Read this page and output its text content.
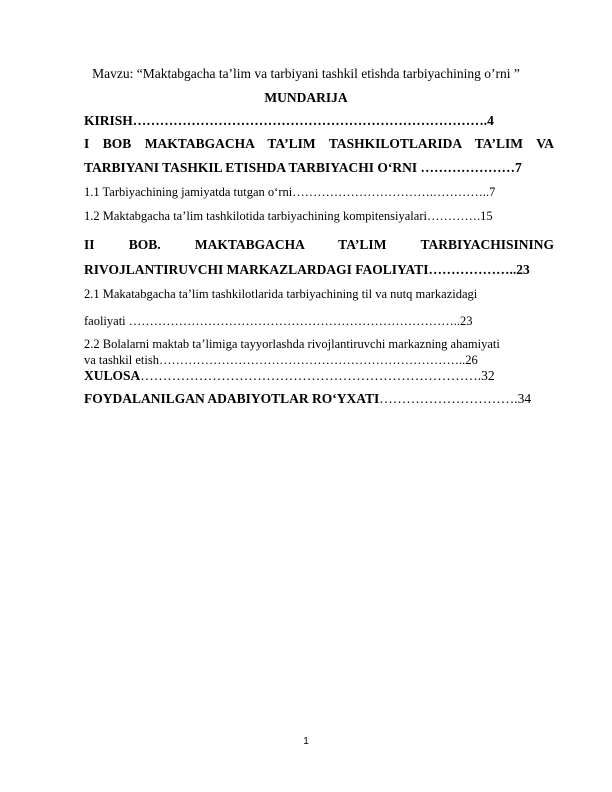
Mavzu: “Maktabgacha ta’lim va tarbiyani tashkil etishda tarbiyachining o’rni ”
MUNDARIJA
KIRISH…………………………………………………………………….4
I BOB MAKTABGACHA TA’LIM TASHKILOTLARIDA TA’LIM VA
TARBIYANI TASHKIL ETISHDA TARBIYACHI O‘RNI …………………7
1.1 Tarbiyachining jamiyatda tutgan o‘rni…………………………….…………..7
1.2 Maktabgacha ta’lim tashkilotida tarbiyachining kompitensiyalari………….15
II BOB. MAKTABGACHA TA’LIM TARBIYACHISINING
RIVOJLANTIRUVCHI MARKAZLARDAGI FAOLIYATI………………..23
2.1 Makatabgacha ta’lim tashkilotlarida tarbiyachining til va nutq markazidagi
faoliyati ……………………………………………………………………..23
2.2 Bolalarni maktab ta’limiga tayyorlashda rivojlantiruvchi markazning ahamiyati
va tashkil etish………………………………………………………………..26
XULOSA………………………………………………………………….32
FOYDALANILGAN ADABIYOTLAR RO‘YXATI………………………….34
1
